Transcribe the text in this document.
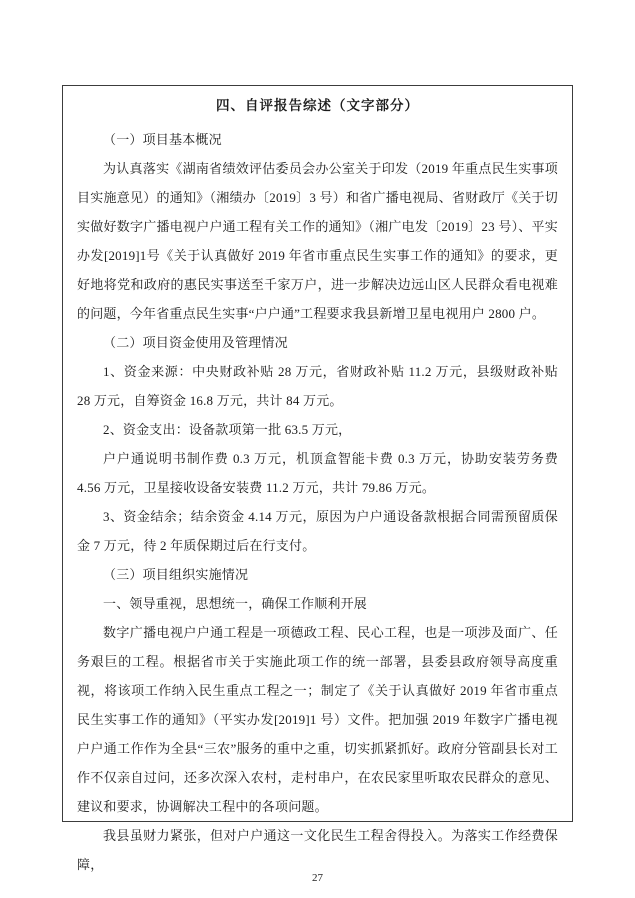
四、自评报告综述（文字部分）

（一）项目基本概况

为认真落实《湖南省绩效评估委员会办公室关于印发（2019 年重点民生实事项目实施意见）的通知》（湘绩办〔2019〕3 号）和省广播电视局、省财政厅《关于切实做好数字广播电视户户通工程有关工作的通知》（湘广电发〔2019〕23 号）、平实办发[2019]1号《关于认真做好 2019 年省市重点民生实事工作的通知》的要求，更好地将党和政府的惠民实事送至千家万户，进一步解决边远山区人民群众看电视难的问题，今年省重点民生实事“户户通”工程要求我县新增卫星电视用户 2800 户。

（二）项目资金使用及管理情况

1、资金来源：中央财政补贴 28 万元，省财政补贴 11.2 万元，县级财政补贴 28 万元，自筹资金 16.8 万元，共计 84 万元。

2、资金支出：设备款项第一批 63.5 万元，

户户通说明书制作费 0.3 万元，机顶盒智能卡费 0.3 万元，协助安装劳务费 4.56 万元，卫星接收设备安装费 11.2 万元，共计 79.86 万元。

3、资金结余；结余资金 4.14 万元，原因为户户通设备款根据合同需预留质保金 7 万元，待 2 年质保期过后在行支付。

（三）项目组织实施情况

一、领导重视，思想统一，确保工作顺利开展

数字广播电视户户通工程是一项德政工程、民心工程，也是一项涉及面广、任务艰巨的工程。根据省市关于实施此项工作的统一部署，县委县政府领导高度重视，将该项工作纳入民生重点工程之一；制定了《关于认真做好 2019 年省市重点民生实事工作的通知》（平实办发[2019]1 号）文件。把加强 2019 年数字广播电视户户通工作作为全县“三农”服务的重中之重，切实抓紧抓好。政府分管副县长对工作不仅亲自过问，还多次深入农村，走村串户，在农民家里听取农民群众的意见、建议和要求，协调解决工程中的各项问题。

我县虽财力紧张，但对户户通这一文化民生工程舍得投入。为落实工作经费保障，

27
